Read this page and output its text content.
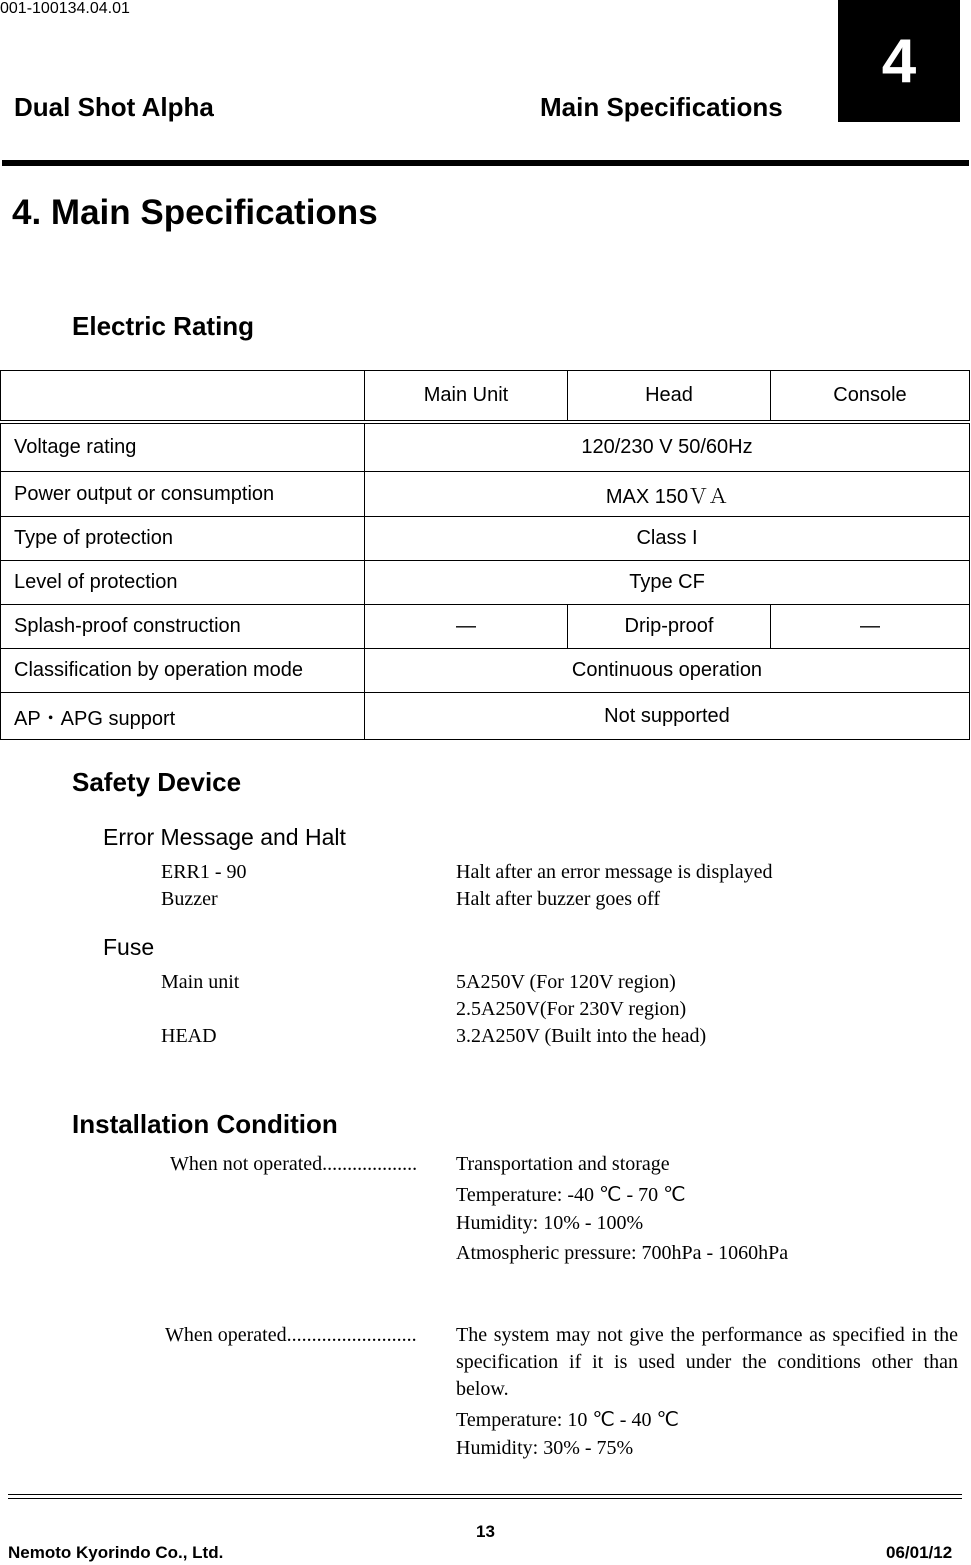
001-100134.04.01
Dual Shot Alpha	Main Specifications
4
4. Main Specifications
Electric Rating
	Main Unit	Head	Console
Voltage rating	120/230 V 50/60Hz		
Power output or consumption	MAX 150ＶＡ		
Type of protection	Class I		
Level of protection	Type CF		
Splash-proof construction	—	Drip-proof	—
Classification by operation mode	Continuous operation		
AP・APG support	Not supported		
Safety Device
Error Message and Halt
ERR1 - 90	Halt after an error message is displayed
Buzzer	Halt after buzzer goes off
Fuse
Main unit	5A250V (For 120V region)
2.5A250V(For 230V region)
HEAD	3.2A250V (Built into the head)
Installation Condition
When not operated................... Transportation and storage
Temperature: -40 ℃ - 70 ℃
Humidity: 10% - 100%
Atmospheric pressure: 700hPa - 1060hPa
When operated.......................... The system may not give the performance as specified in the specification if it is used under the conditions other than below.
Temperature: 10 ℃ - 40 ℃
Humidity: 30% - 75%
13
Nemoto Kyorindo Co., Ltd.	06/01/12
